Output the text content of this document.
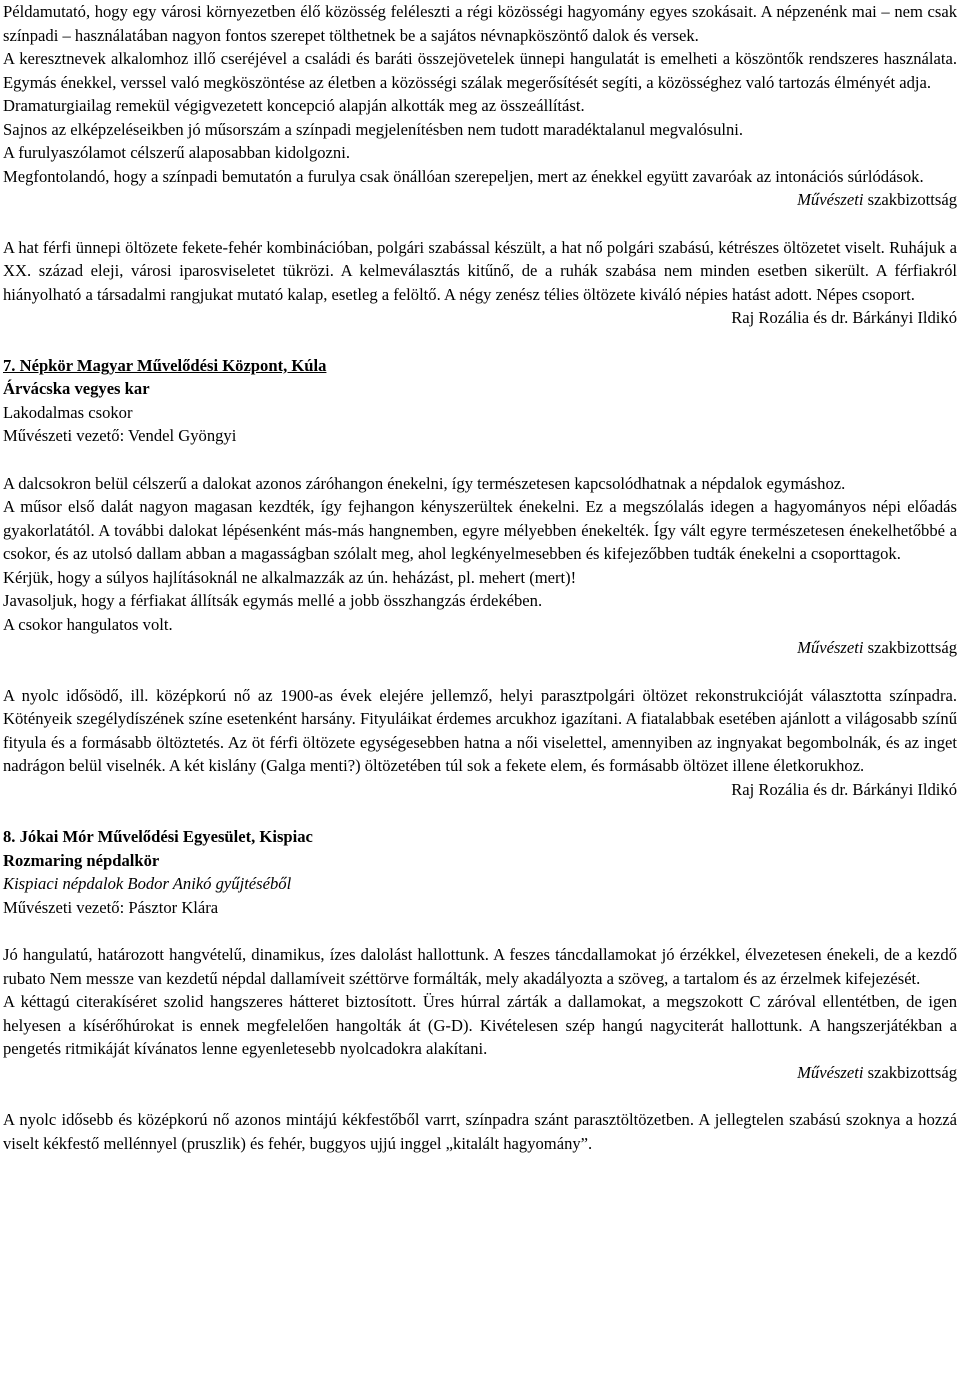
Példamutató, hogy egy városi környezetben élő közösség feléleszti a régi közösségi hagyomány egyes szokásait. A népzenénk mai – nem csak színpadi – használatában nagyon fontos szerepet tölthetnek be a sajátos névnapköszöntő dalok és versek.

A keresztnevek alkalomhoz illő cseréjével a családi és baráti összejövetelek ünnepi hangulatát is emelheti a köszöntők rendszeres használata. Egymás énekkel, verssel való megköszöntése az életben a közösségi szálak megerősítését segíti, a közösséghez való tartozás élményét adja.

Dramaturgiailag remekül végigvezetett koncepció alapján alkották meg az összeállítást.

Sajnos az elképzeléseikben jó műsorszám a színpadi megjelenítésben nem tudott maradéktalanul megvalósulni.

A furulyaszólamot célszerű alaposabban kidolgozni.

Megfontolandó, hogy a színpadi bemutatón a furulya csak önállóan szerepeljen, mert az énekkel együtt zavaróak az intonációs súrlódások.

Művészeti szakbizottság

A hat férfi ünnepi öltözete fekete-fehér kombinációban, polgári szabással készült, a hat nő polgári szabású, kétrészes öltözetet viselt. Ruhájuk a XX. század eleji, városi iparosviseletet tükrözi. A kelmeválasztás kitűnő, de a ruhák szabása nem minden esetben sikerült. A férfiakról hiányolható a társadalmi rangjukat mutató kalap, esetleg a felöltő. A négy zenész télies öltözete kiváló népies hatást adott. Népes csoport.

Raj Rozália és dr. Bárkányi Ildikó

7. Népkör Magyar Művelődési Központ, Kúla

Árvácska vegyes kar

Lakodalmas csokor

Művészeti vezető: Vendel Gyöngyi

A dalcsokron belül célszerű a dalokat azonos záróhangon énekelni, így természetesen kapcsolódhatnak a népdalok egymáshoz.

A műsor első dalát nagyon magasan kezdték, így fejhangon kényszerültek énekelni. Ez a megszólalás idegen a hagyományos népi előadás gyakorlatától. A további dalokat lépésenként más-más hangnemben, egyre mélyebben énekelték. Így vált egyre természetesen énekelhetőbbé a csokor, és az utolsó dallam abban a magasságban szólalt meg, ahol legkényelmesebben és kifejezőbben tudták énekelni a csoporttagok.

Kérjük, hogy a súlyos hajlításoknál ne alkalmazzák az ún. heházást, pl. mehert (mert)!

Javasoljuk, hogy a férfiakat állítsák egymás mellé a jobb összhangzás érdekében.

A csokor hangulatos volt.

Művészeti szakbizottság

A nyolc idősödő, ill. középkorú nő az 1900-as évek elejére jellemző, helyi parasztpolgári öltözet rekonstrukcióját választotta színpadra. Kötényeik szegélydíszének színe esetenként harsány. Fityuláikat érdemes arcukhoz igazítani. A fiatalabbak esetében ajánlott a világosabb színű fityula és a formásabb öltöztetés. Az öt férfi öltözete egységesebben hatna a női viselettel, amennyiben az ingnyakat begombolnák, és az inget nadrágon belül viselnék. A két kislány (Galga menti?) öltözetében túl sok a fekete elem, és formásabb öltözet illene életkorukhoz.

Raj Rozália és dr. Bárkányi Ildikó

8. Jókai Mór Művelődési Egyesület, Kispiac

Rozmaring népdalkör

Kispiaci népdalok Bodor Anikó gyűjtéséből

Művészeti vezető: Pásztor Klára

Jó hangulatú, határozott hangvételű, dinamikus, ízes dalolást hallottunk. A feszes táncdallamokat jó érzékkel, élvezetesen énekeli, de a kezdő rubato Nem messze van kezdetű népdal dallamíveit széttörve formálták, mely akadályozta a szöveg, a tartalom és az érzelmek kifejezését.

A kéttagú citerakíséret szolid hangszeres hátteret biztosított. Üres húrral zárták a dallamokat, a megszokott C záróval ellentétben, de igen helyesen a kísérőhúrokat is ennek megfelelően hangolták át (G-D). Kivételesen szép hangú nagyciterát hallottunk. A hangszerjátékban a pengetés ritmikáját kívánatos lenne egyenletesebb nyolcadokra alakítani.

Művészeti szakbizottság

A nyolc idősebb és középkorú nő azonos mintájú kékfestőből varrt, színpadra szánt parasztöltözetben. A jellegtelen szabású szoknya a hozzá viselt kékfestő mellénnyel (pruszlik) és fehér, buggyos ujjú inggel „kitalált hagyomány”.
